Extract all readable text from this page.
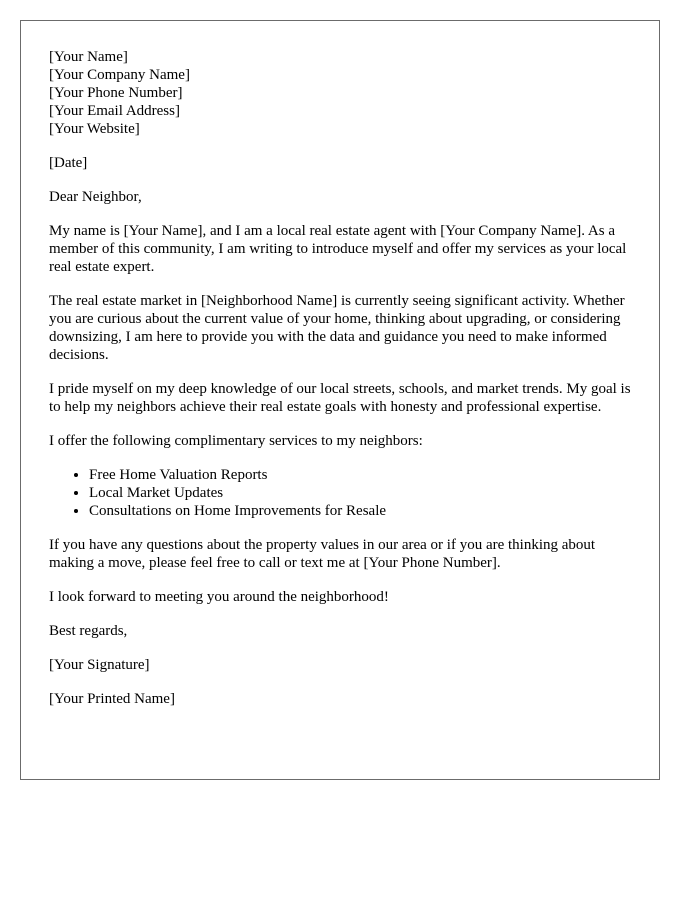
[Your Name]
[Your Company Name]
[Your Phone Number]
[Your Email Address]
[Your Website]

[Date]

Dear Neighbor,

My name is [Your Name], and I am a local real estate agent with [Your Company Name]. As a member of this community, I am writing to introduce myself and offer my services as your local real estate expert.

The real estate market in [Neighborhood Name] is currently seeing significant activity. Whether you are curious about the current value of your home, thinking about upgrading, or considering downsizing, I am here to provide you with the data and guidance you need to make informed decisions.

I pride myself on my deep knowledge of our local streets, schools, and market trends. My goal is to help my neighbors achieve their real estate goals with honesty and professional expertise.

I offer the following complimentary services to my neighbors:

• Free Home Valuation Reports
• Local Market Updates
• Consultations on Home Improvements for Resale

If you have any questions about the property values in our area or if you are thinking about making a move, please feel free to call or text me at [Your Phone Number].

I look forward to meeting you around the neighborhood!

Best regards,

[Your Signature]

[Your Printed Name]
